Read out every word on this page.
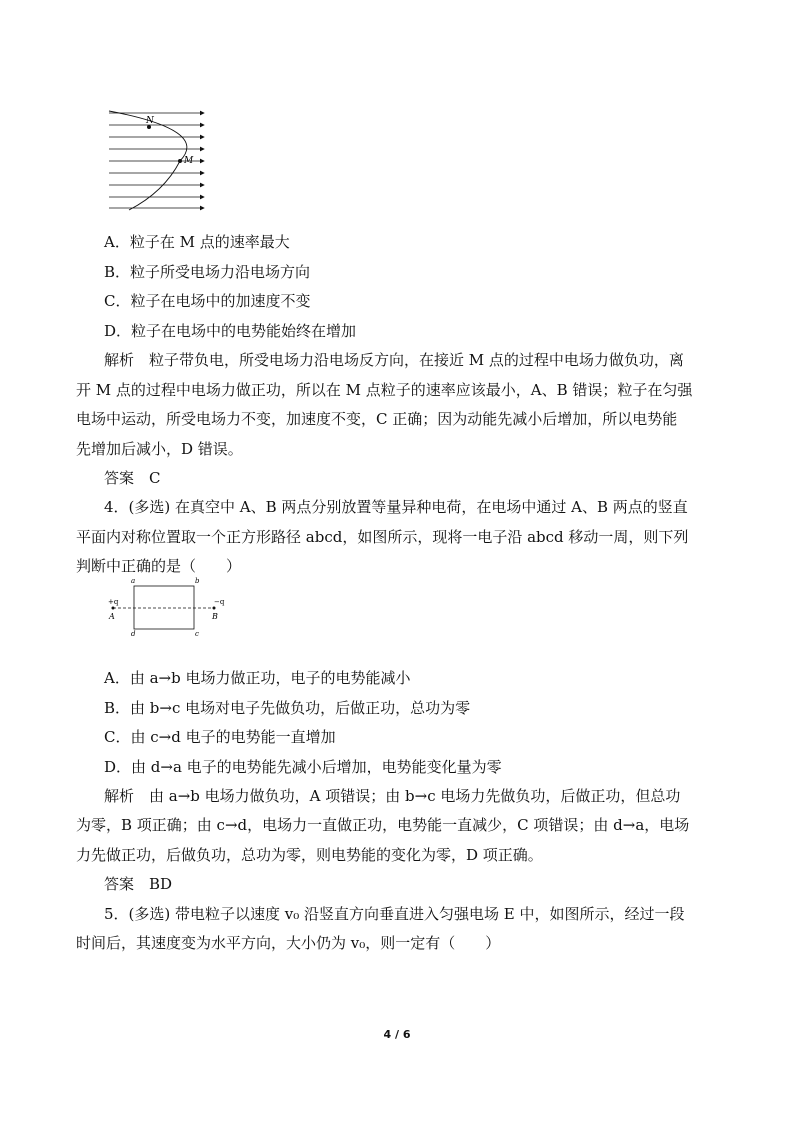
N
M
A．粒子在 M 点的速率最大
B．粒子所受电场力沿电场方向
C．粒子在电场中的加速度不变
D．粒子在电场中的电势能始终在增加
解析　粒子带负电，所受电场力沿电场反方向，在接近 M 点的过程中电场力做负功，离
开 M 点的过程中电场力做正功，所以在 M 点粒子的速率应该最小，A、B 错误；粒子在匀强
电场中运动，所受电场力不变，加速度不变，C 正确；因为动能先减小后增加，所以电势能
先增加后减小，D 错误。
答案　C
4．(多选) 在真空中 A、B 两点分别放置等量异种电荷，在电场中通过 A、B 两点的竖直
平面内对称位置取一个正方形路径 abcd，如图所示，现将一电子沿 abcd 移动一周，则下列
判断中正确的是（　　）
a	b
c
d
+q	−q
A	B
A．由 a→b 电场力做正功，电子的电势能减小
B．由 b→c 电场对电子先做负功，后做正功，总功为零
C．由 c→d 电子的电势能一直增加
D．由 d→a 电子的电势能先减小后增加，电势能变化量为零
解析　由 a→b 电场力做负功，A 项错误；由 b→c 电场力先做负功，后做正功，但总功
为零，B 项正确；由 c→d，电场力一直做正功，电势能一直减少，C 项错误；由 d→a，电场
力先做正功，后做负功，总功为零，则电势能的变化为零，D 项正确。
答案　BD
5．(多选) 带电粒子以速度 v₀ 沿竖直方向垂直进入匀强电场 E 中，如图所示，经过一段
时间后，其速度变为水平方向，大小仍为 v₀，则一定有（　　）
4 / 6
